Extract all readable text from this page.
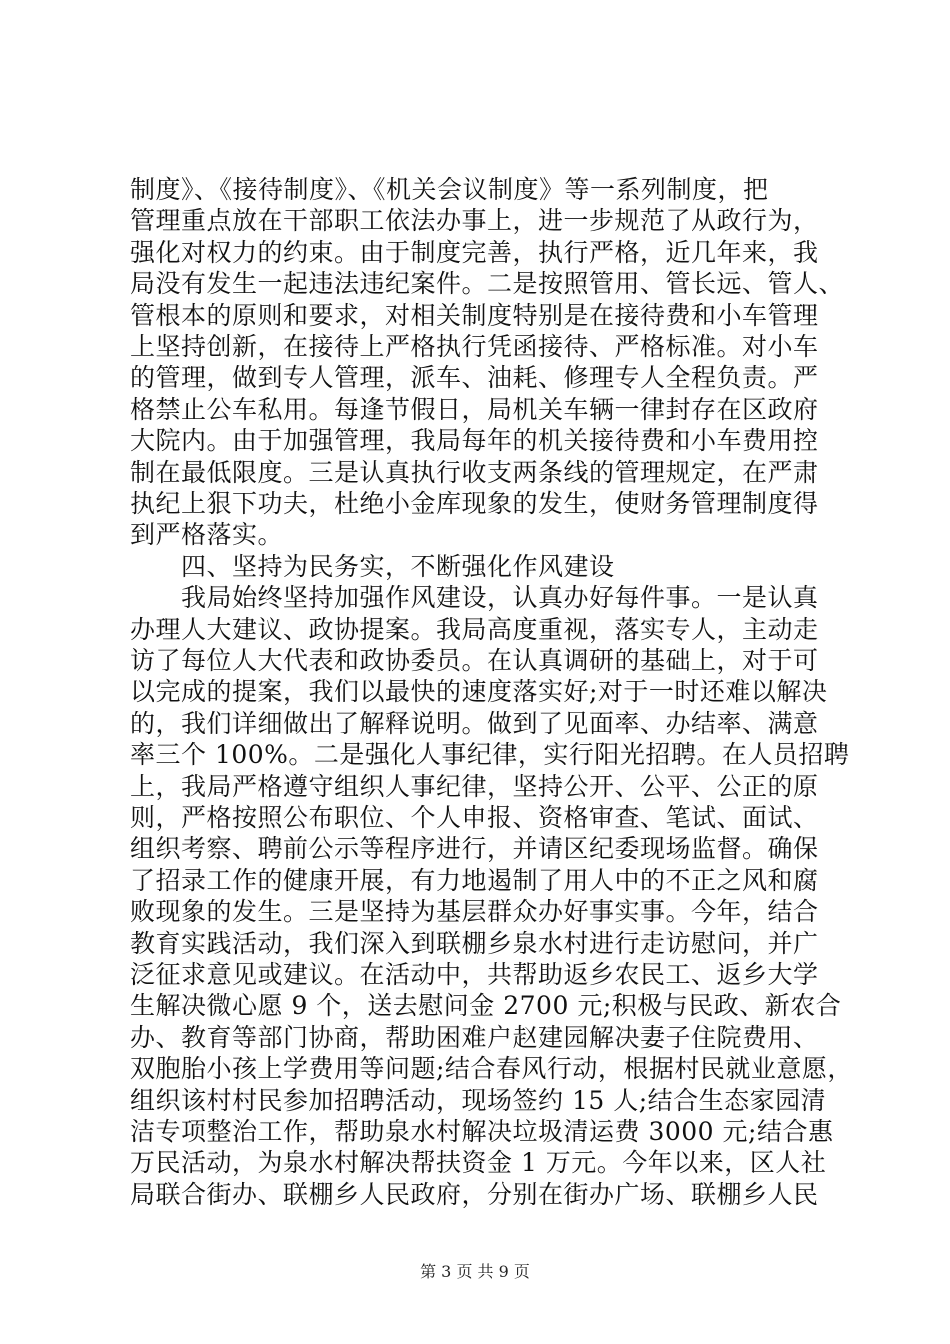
制度》、《接待制度》、《机关会议制度》等一系列制度，把
管理重点放在干部职工依法办事上，进一步规范了从政行为，
强化对权力的约束。由于制度完善，执行严格，近几年来，我
局没有发生一起违法违纪案件。二是按照管用、管长远、管人、
管根本的原则和要求，对相关制度特别是在接待费和小车管理
上坚持创新，在接待上严格执行凭函接待、严格标准。对小车
的管理，做到专人管理，派车、油耗、修理专人全程负责。严
格禁止公车私用。每逢节假日，局机关车辆一律封存在区政府
大院内。由于加强管理，我局每年的机关接待费和小车费用控
制在最低限度。三是认真执行收支两条线的管理规定，在严肃
执纪上狠下功夫，杜绝小金库现象的发生，使财务管理制度得
到严格落实。
　　四、坚持为民务实，不断强化作风建设
　　我局始终坚持加强作风建设，认真办好每件事。一是认真
办理人大建议、政协提案。我局高度重视，落实专人，主动走
访了每位人大代表和政协委员。在认真调研的基础上，对于可
以完成的提案，我们以最快的速度落实好;对于一时还难以解决
的，我们详细做出了解释说明。做到了见面率、办结率、满意
率三个 100%。二是强化人事纪律，实行阳光招聘。在人员招聘
上，我局严格遵守组织人事纪律，坚持公开、公平、公正的原
则，严格按照公布职位、个人申报、资格审查、笔试、面试、
组织考察、聘前公示等程序进行，并请区纪委现场监督。确保
了招录工作的健康开展，有力地遏制了用人中的不正之风和腐
败现象的发生。三是坚持为基层群众办好事实事。今年，结合
教育实践活动，我们深入到联棚乡泉水村进行走访慰问，并广
泛征求意见或建议。在活动中，共帮助返乡农民工、返乡大学
生解决微心愿 9 个，送去慰问金 2700 元;积极与民政、新农合
办、教育等部门协商，帮助困难户赵建园解决妻子住院费用、
双胞胎小孩上学费用等问题;结合春风行动，根据村民就业意愿，
组织该村村民参加招聘活动，现场签约 15 人;结合生态家园清
洁专项整治工作，帮助泉水村解决垃圾清运费 3000 元;结合惠
万民活动，为泉水村解决帮扶资金 1 万元。今年以来，区人社
局联合街办、联棚乡人民政府，分别在街办广场、联棚乡人民
第 3 页 共 9 页
